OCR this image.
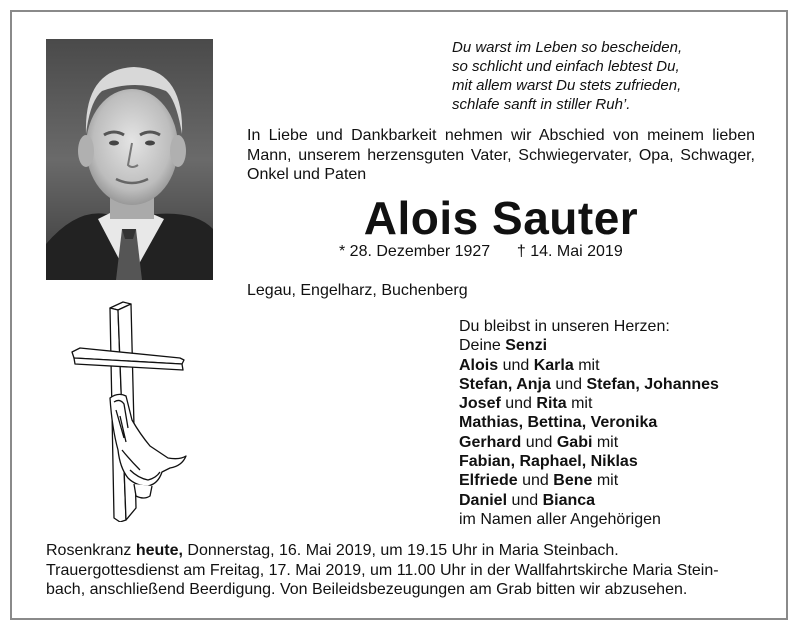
Du warst im Leben so bescheiden,
so schlicht und einfach lebtest Du,
mit allem warst Du stets zufrieden,
schlafe sanft in stiller Ruh’.
In Liebe und Dankbarkeit nehmen wir Abschied von meinem lieben Mann, unserem herzensguten Vater, Schwiegervater, Opa, Schwager, Onkel und Paten
Alois Sauter
* 28. Dezember 1927 † 14. Mai 2019
Legau, Engelharz, Buchenberg
Du bleibst in unseren Herzen:
Deine Senzi
Alois und Karla mit
Stefan, Anja und Stefan, Johannes
Josef und Rita mit
Mathias, Bettina, Veronika
Gerhard und Gabi mit
Fabian, Raphael, Niklas
Elfriede und Bene mit
Daniel und Bianca
im Namen aller Angehörigen
Rosenkranz heute, Donnerstag, 16. Mai 2019, um 19.15 Uhr in Maria Steinbach.
Trauergottesdienst am Freitag, 17. Mai 2019, um 11.00 Uhr in der Wallfahrtskirche Maria Stein-
bach, anschließend Beerdigung. Von Beileidsbezeugungen am Grab bitten wir abzusehen.
